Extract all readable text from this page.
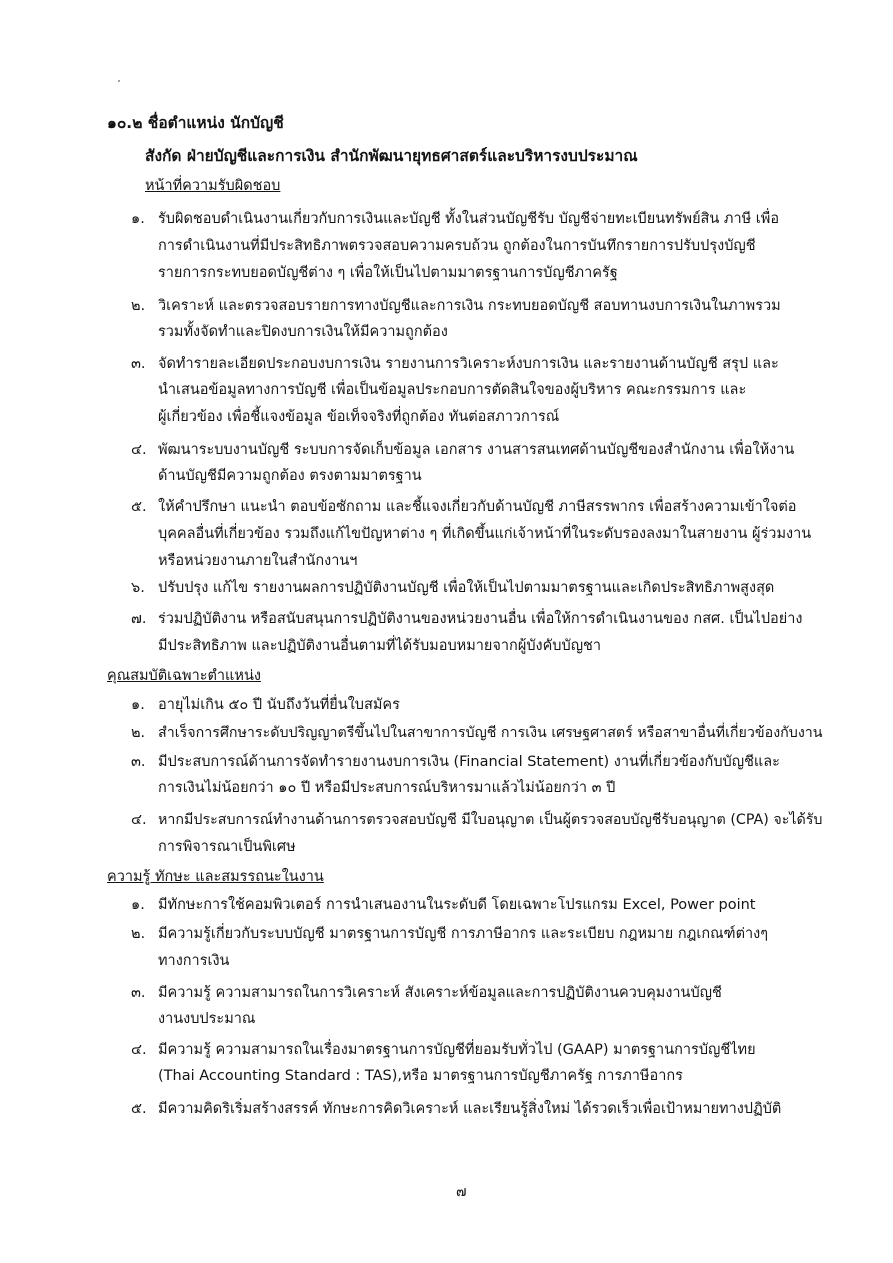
๑๐.๒ ชื่อตำแหน่ง นักบัญชี
สังกัด ฝ่ายบัญชีและการเงิน สำนักพัฒนายุทธศาสตร์และบริหารงบประมาณ
หน้าที่ความรับผิดชอบ
๑. รับผิดชอบดำเนินงานเกี่ยวกับการเงินและบัญชี ทั้งในส่วนบัญชีรับ บัญชีจ่ายทะเบียนทรัพย์สิน ภาษี เพื่อ
การดำเนินงานที่มีประสิทธิภาพตรวจสอบความครบถ้วน ถูกต้องในการบันทึกรายการปรับปรุงบัญชี
รายการกระทบยอดบัญชีต่าง ๆ เพื่อให้เป็นไปตามมาตรฐานการบัญชีภาครัฐ
๒. วิเคราะห์ และตรวจสอบรายการทางบัญชีและการเงิน กระทบยอดบัญชี สอบทานงบการเงินในภาพรวม
รวมทั้งจัดทำและปิดงบการเงินให้มีความถูกต้อง
๓. จัดทำรายละเอียดประกอบงบการเงิน รายงานการวิเคราะห์งบการเงิน และรายงานด้านบัญชี สรุป และ
นำเสนอข้อมูลทางการบัญชี เพื่อเป็นข้อมูลประกอบการตัดสินใจของผู้บริหาร คณะกรรมการ และ
ผู้เกี่ยวข้อง เพื่อชี้แจงข้อมูล ข้อเท็จจริงที่ถูกต้อง ทันต่อสภาวการณ์
๔. พัฒนาระบบงานบัญชี ระบบการจัดเก็บข้อมูล เอกสาร งานสารสนเทศด้านบัญชีของสำนักงาน เพื่อให้งาน
ด้านบัญชีมีความถูกต้อง ตรงตามมาตรฐาน
๕. ให้คำปรึกษา แนะนำ ตอบข้อซักถาม และชี้แจงเกี่ยวกับด้านบัญชี ภาษีสรรพากร เพื่อสร้างความเข้าใจต่อ
บุคคลอื่นที่เกี่ยวข้อง รวมถึงแก้ไขปัญหาต่าง ๆ ที่เกิดขึ้นแก่เจ้าหน้าที่ในระดับรองลงมาในสายงาน ผู้ร่วมงาน
หรือหน่วยงานภายในสำนักงานฯ
๖. ปรับปรุง แก้ไข รายงานผลการปฏิบัติงานบัญชี เพื่อให้เป็นไปตามมาตรฐานและเกิดประสิทธิภาพสูงสุด
๗. ร่วมปฏิบัติงาน หรือสนับสนุนการปฏิบัติงานของหน่วยงานอื่น เพื่อให้การดำเนินงานของ กสศ. เป็นไปอย่าง
มีประสิทธิภาพ และปฏิบัติงานอื่นตามที่ได้รับมอบหมายจากผู้บังคับบัญชา
คุณสมบัติเฉพาะตำแหน่ง
๑. อายุไม่เกิน ๕๐ ปี นับถึงวันที่ยื่นใบสมัคร
๒. สำเร็จการศึกษาระดับปริญญาตรีขึ้นไปในสาขาการบัญชี การเงิน เศรษฐศาสตร์ หรือสาขาอื่นที่เกี่ยวข้องกับงาน
๓. มีประสบการณ์ด้านการจัดทำรายงานงบการเงิน (Financial Statement) งานที่เกี่ยวข้องกับบัญชีและ
การเงินไม่น้อยกว่า ๑๐ ปี หรือมีประสบการณ์บริหารมาแล้วไม่น้อยกว่า ๓ ปี
๔. หากมีประสบการณ์ทำงานด้านการตรวจสอบบัญชี มีใบอนุญาต เป็นผู้ตรวจสอบบัญชีรับอนุญาต (CPA) จะได้รับ
การพิจารณาเป็นพิเศษ
ความรู้ ทักษะ และสมรรถนะในงาน
๑. มีทักษะการใช้คอมพิวเตอร์ การนำเสนองานในระดับดี โดยเฉพาะโปรแกรม Excel, Power point
๒. มีความรู้เกี่ยวกับระบบบัญชี มาตรฐานการบัญชี การภาษีอากร และระเบียบ กฎหมาย กฎเกณฑ์ต่างๆ
ทางการเงิน
๓. มีความรู้ ความสามารถในการวิเคราะห์ สังเคราะห์ข้อมูลและการปฏิบัติงานควบคุมงานบัญชี
งานงบประมาณ
๔. มีความรู้ ความสามารถในเรื่องมาตรฐานการบัญชีที่ยอมรับทั่วไป (GAAP) มาตรฐานการบัญชีไทย
(Thai Accounting Standard : TAS),หรือ มาตรฐานการบัญชีภาครัฐ การภาษีอากร
๕. มีความคิดริเริ่มสร้างสรรค์ ทักษะการคิดวิเคราะห์ และเรียนรู้สิ่งใหม่ ได้รวดเร็วเพื่อเป้าหมายทางปฏิบัติ
๗
